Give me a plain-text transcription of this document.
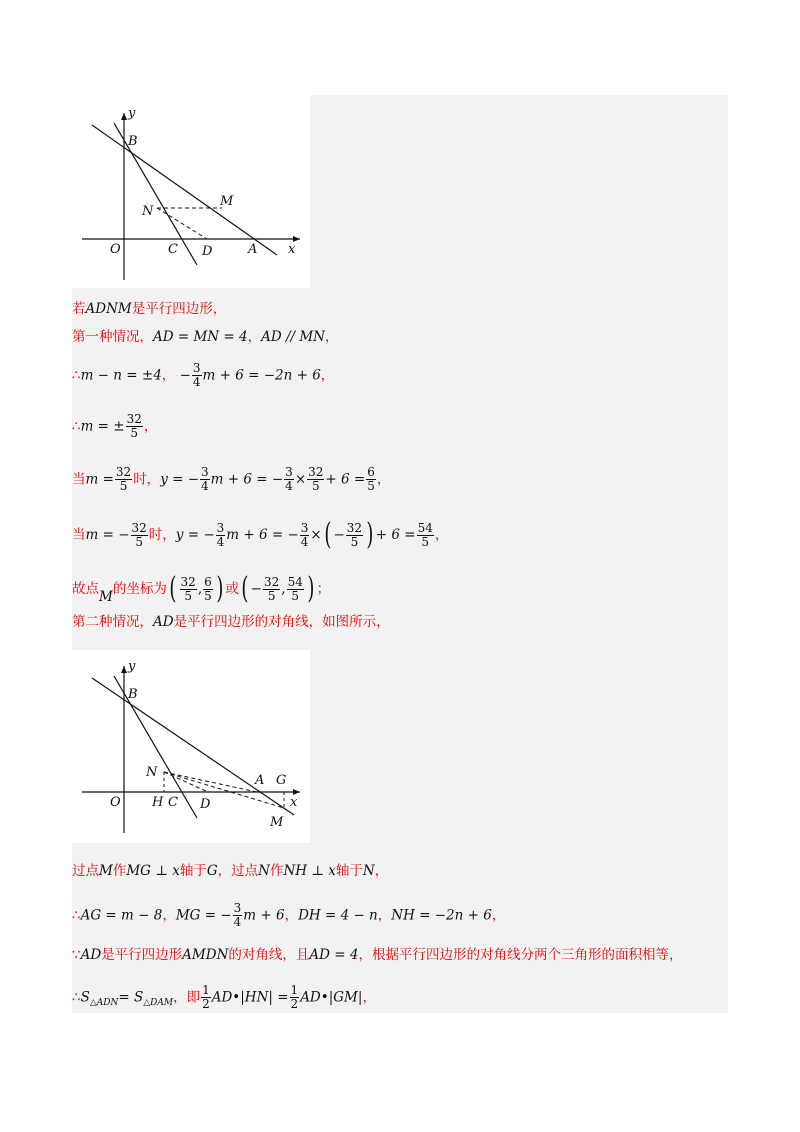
y
B
M
N
O	C D	A x
若ADNM是平行四边形，
第一种情况，AD = MN = 4，AD // MN，
∴m − n = ±4， − $\frac{3}{4}$ m + 6 = −2n + 6，
∴m = ± $\frac{32}{5}$ ，
当$m = \frac{32}{5}$ 时，y = − $\frac{3}{4}$ m + 6 = − $\frac{3}{4} \times \frac{32}{5} + 6 = \frac{6}{5}$ ，
当m = − $\frac{32}{5}$ 时，y = − $\frac{3}{4}$ m + 6 = − $\frac{3}{4}$ ×( − $\frac{32}{5}$ ) + $6 = \frac{54}{5}$ ，
故点M的坐标为( $\frac{32}{5}$ , $\frac{6}{5}$ ) 或( − $\frac{32}{5}$ , $\frac{54}{5}$ ) ；
第二种情况，AD是平行四边形的对角线，如图所示，
y
B
N
A G
O H C D	x
M
过点M作MG ⊥ x轴于G，过点N作NH ⊥ x轴于N，
∴AG = m − 8，MG = − $\frac{3}{4}$ m + 6，DH = 4 − n，NH = −2n + 6，
∵AD是平行四边形AMDN的对角线，且AD = 4，根据平行四边形的对角线分两个三角形的面积相等，
$\therefore S_{\triangle ADN}= S_{\triangle DAM}$，即 $\frac{1}{2}$ AD•|HN| = $\frac{1}{2}$ AD•|GM|，
